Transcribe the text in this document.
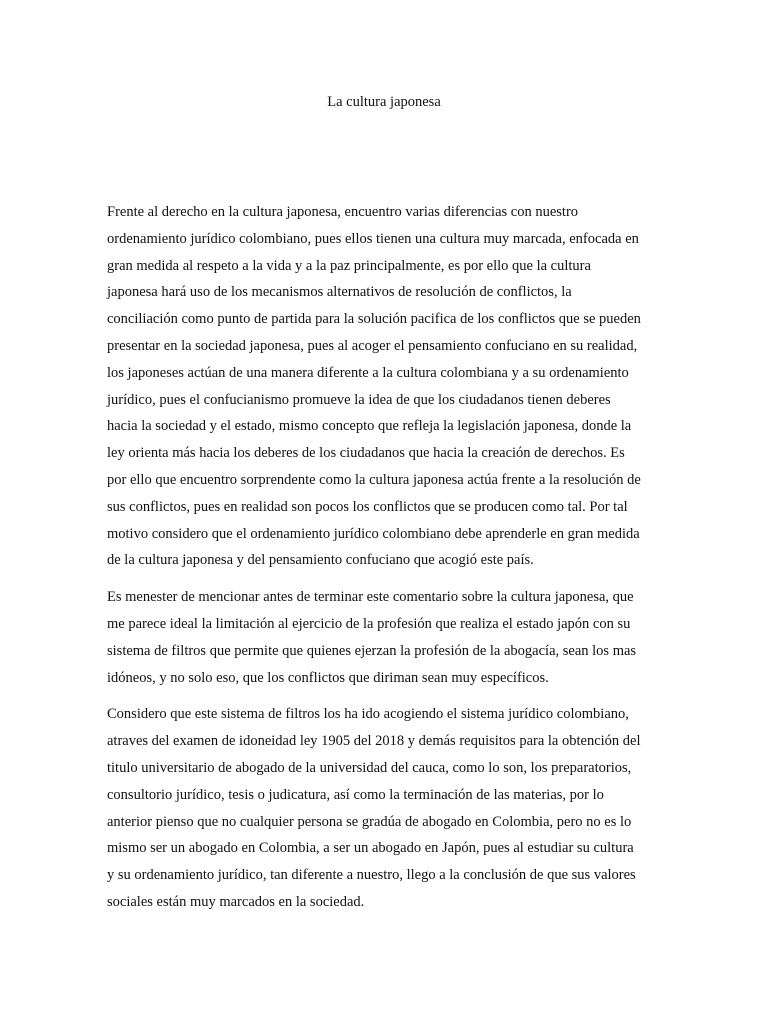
La cultura japonesa

Frente al derecho en la cultura japonesa, encuentro varias diferencias con nuestro
ordenamiento jurídico colombiano, pues ellos tienen una cultura muy marcada, enfocada en
gran medida al respeto a la vida y a la paz principalmente, es por ello que la cultura
japonesa hará uso de los mecanismos alternativos de resolución de conflictos, la
conciliación como punto de partida para la solución pacifica de los conflictos que se pueden
presentar en la sociedad japonesa, pues al acoger el pensamiento confuciano en su realidad,
los japoneses actúan de una manera diferente a la cultura colombiana y a su ordenamiento
jurídico, pues el confucianismo promueve la idea de que los ciudadanos tienen deberes
hacia la sociedad y el estado, mismo concepto que refleja la legislación japonesa, donde la
ley orienta más hacia los deberes de los ciudadanos que hacia la creación de derechos. Es
por ello que encuentro sorprendente como la cultura japonesa actúa frente a la resolución de
sus conflictos, pues en realidad son pocos los conflictos que se producen como tal. Por tal
motivo considero que el ordenamiento jurídico colombiano debe aprenderle en gran medida
de la cultura japonesa y del pensamiento confuciano que acogió este país.

Es menester de mencionar antes de terminar este comentario sobre la cultura japonesa, que
me parece ideal la limitación al ejercicio de la profesión que realiza el estado japón con su
sistema de filtros que permite que quienes ejerzan la profesión de la abogacía, sean los mas
idóneos, y no solo eso, que los conflictos que diriman sean muy específicos.

Considero que este sistema de filtros los ha ido acogiendo el sistema jurídico colombiano,
atraves del examen de idoneidad ley 1905 del 2018 y demás requisitos para la obtención del
titulo universitario de abogado de la universidad del cauca, como lo son, los preparatorios,
consultorio jurídico, tesis o judicatura, así como la terminación de las materias, por lo
anterior pienso que no cualquier persona se gradúa de abogado en Colombia, pero no es lo
mismo ser un abogado en Colombia, a ser un abogado en Japón, pues al estudiar su cultura
y su ordenamiento jurídico, tan diferente a nuestro, llego a la conclusión de que sus valores
sociales están muy marcados en la sociedad.
